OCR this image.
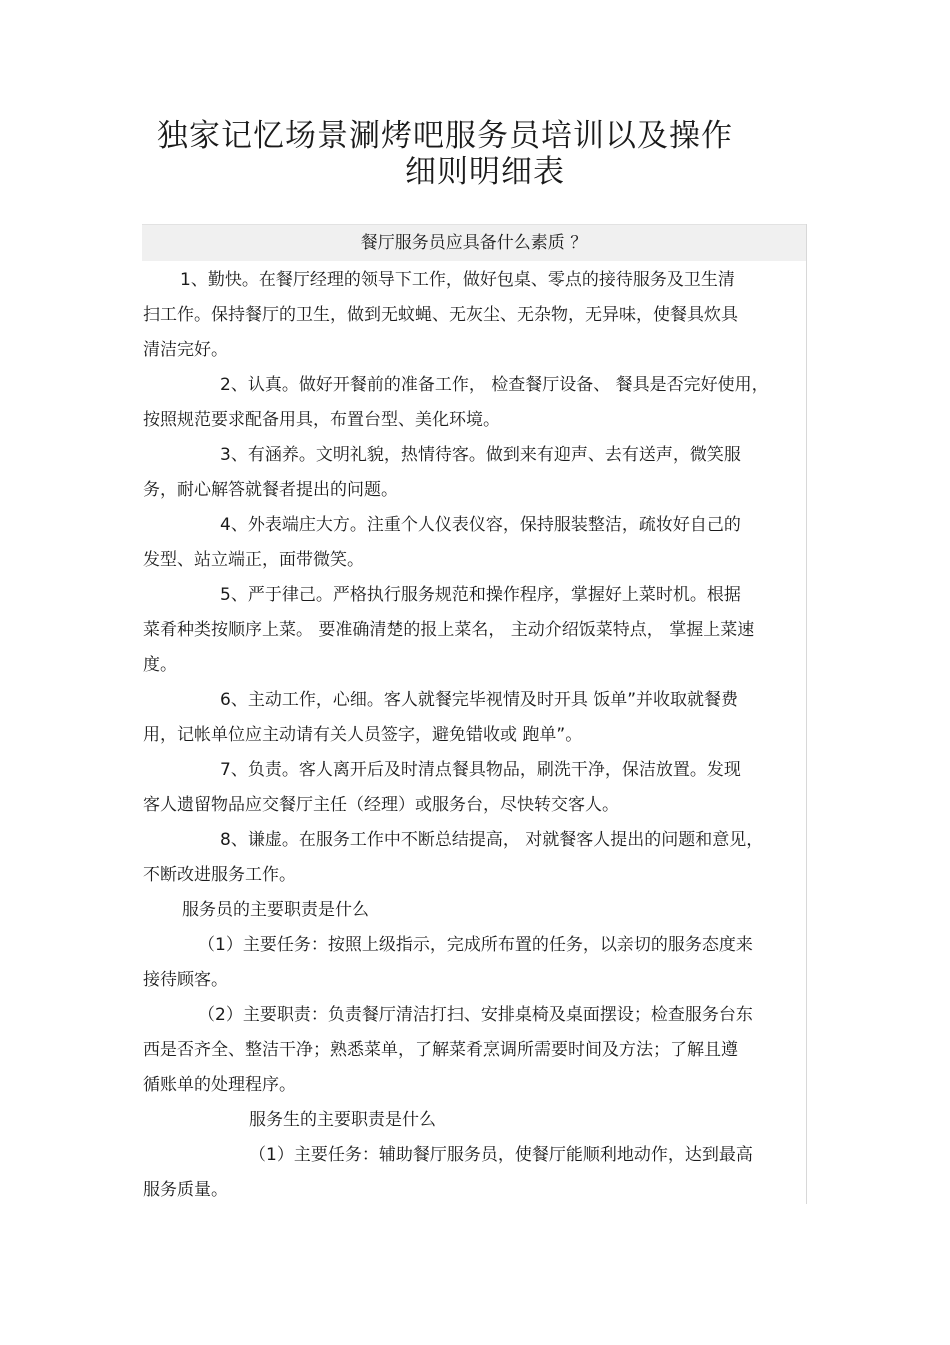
独家记忆场景涮烤吧服务员培训以及操作
细则明细表
餐厅服务员应具备什么素质 ？
1、勤快。在餐厅经理的领导下工作，做好包桌、零点的接待服务及卫生清
扫工作。保持餐厅的卫生，做到无蚊蝇、无灰尘、无杂物，无异味，使餐具炊具
清洁完好。
2、认真。做好开餐前的准备工作， 检查餐厅设备、 餐具是否完好使用，
按照规范要求配备用具，布置台型、美化环境。
3、有涵养。文明礼貌，热情待客。做到来有迎声、去有送声，微笑服
务，耐心解答就餐者提出的问题。
4、外表端庄大方。注重个人仪表仪容，保持服装整洁，疏妆好自己的
发型、站立端正，面带微笑。
5、严于律己。严格执行服务规范和操作程序，掌握好上菜时机。根据
菜肴种类按顺序上菜。 要准确清楚的报上菜名， 主动介绍饭菜特点， 掌握上菜速
度。
6、主动工作，心细。客人就餐完毕视情及时开具 饭单”并收取就餐费
用，记帐单位应主动请有关人员签字，避免错收或 跑单”。
7、负责。客人离开后及时清点餐具物品，刷洗干净，保洁放置。发现
客人遗留物品应交餐厅主任（经理）或服务台，尽快转交客人。
8、谦虚。在服务工作中不断总结提高， 对就餐客人提出的问题和意见，
不断改进服务工作。
服务员的主要职责是什么
（1）主要任务：按照上级指示，完成所布置的任务，以亲切的服务态度来
接待顾客。
（2）主要职责：负责餐厅清洁打扫、安排桌椅及桌面摆设；检查服务台东
西是否齐全、整洁干净；熟悉菜单，了解菜肴烹调所需要时间及方法；了解且遵
循账单的处理程序。
服务生的主要职责是什么
（1）主要任务：辅助餐厅服务员，使餐厅能顺利地动作，达到最高
服务质量。
